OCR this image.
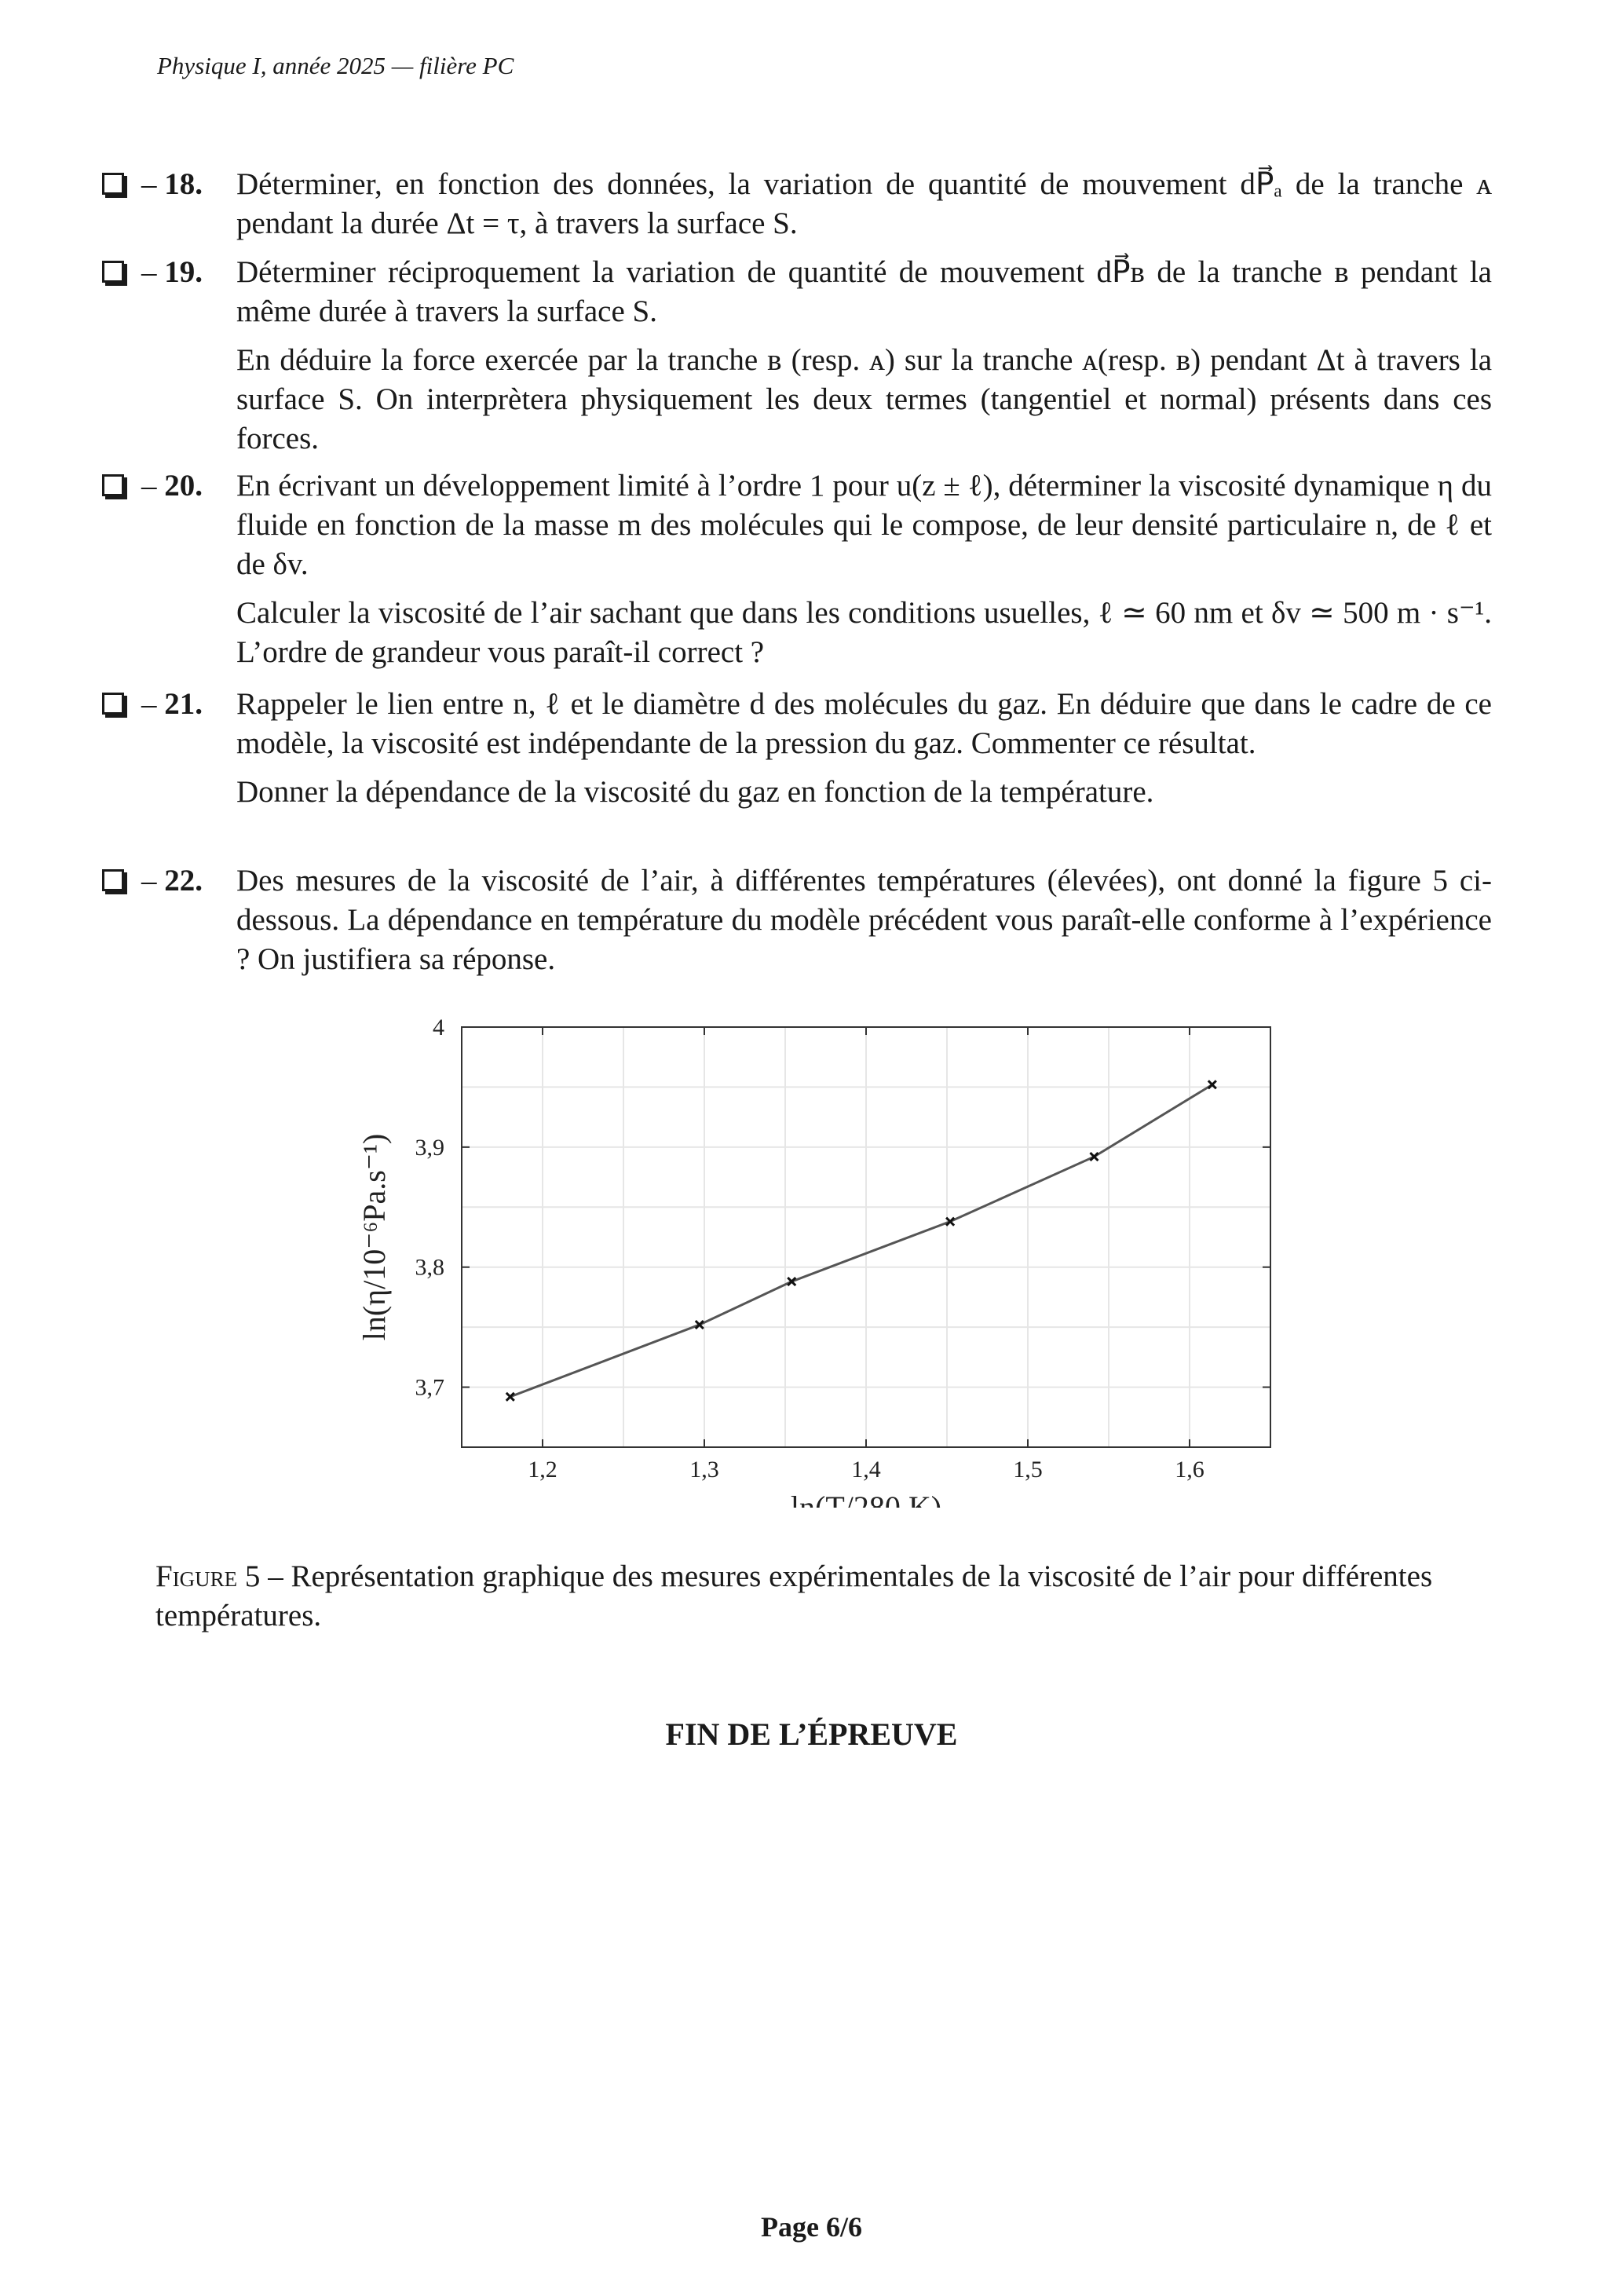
Physique I, année 2025 — filière PC
– 18. Déterminer, en fonction des données, la variation de quantité de mouvement dP⃗ₐ de la tranche ᴀ pendant la durée Δt = τ, à travers la surface S.

– 19. Déterminer réciproquement la variation de quantité de mouvement dP⃗ʙ de la tranche ʙ pendant la même durée à travers la surface S.

En déduire la force exercée par la tranche ʙ (resp. ᴀ) sur la tranche ᴀ(resp. ʙ) pendant Δt à travers la surface S. On interprètera physiquement les deux termes (tangentiel et normal) présents dans ces forces.

– 20. En écrivant un développement limité à l’ordre 1 pour u(z ± ℓ), déterminer la viscosité dynamique η du fluide en fonction de la masse m des molécules qui le compose, de leur densité particulaire n, de ℓ et de δv.

Calculer la viscosité de l’air sachant que dans les conditions usuelles, ℓ ≃ 60 nm et δv ≃ 500 m · s⁻¹. L’ordre de grandeur vous paraît-il correct ?

– 21. Rappeler le lien entre n, ℓ et le diamètre d des molécules du gaz. En déduire que dans le cadre de ce modèle, la viscosité est indépendante de la pression du gaz. Commenter ce résultat.

Donner la dépendance de la viscosité du gaz en fonction de la température.

– 22. Des mesures de la viscosité de l’air, à différentes températures (élevées), ont donné la figure 5 ci-dessous. La dépendance en température du modèle précédent vous paraît-elle conforme à l’expérience ? On justifiera sa réponse.

1,2	1,3	1,4	1,5	1,6
3,7
3,8
3,9
4
ln(T/280 K)
ln(η/10⁻⁶Pa.s⁻¹)
Figure 5 – Représentation graphique des mesures expérimentales de la viscosité de l’air pour différentes températures.
FIN DE L’ÉPREUVE
Page 6/6
